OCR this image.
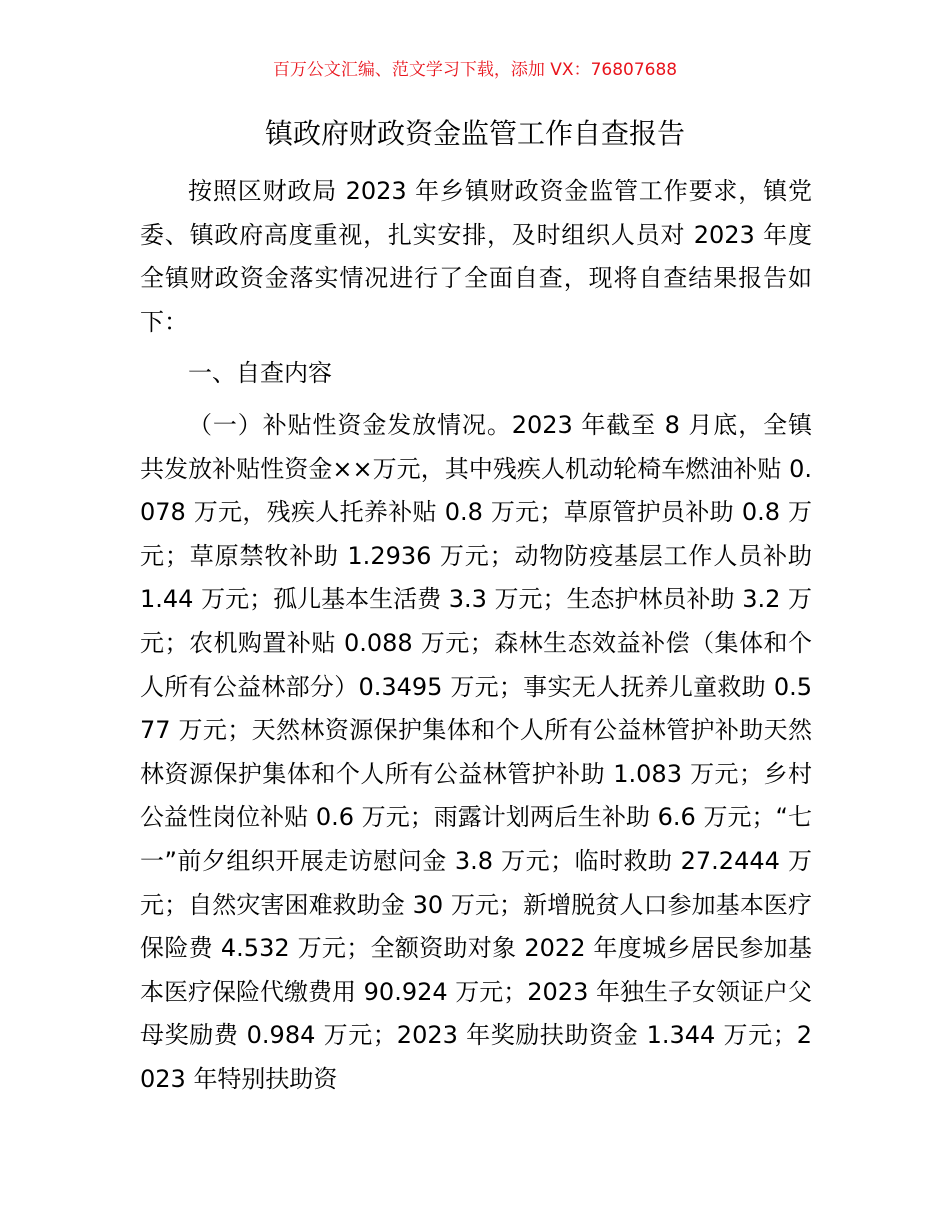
百万公文汇编、范文学习下载，添加 VX：76807688
镇政府财政资金监管工作自查报告

按照区财政局 2023 年乡镇财政资金监管工作要求，镇党委、镇政府高度重视，扎实安排，及时组织人员对 2023 年度全镇财政资金落实情况进行了全面自查，现将自查结果报告如下：

一、自查内容

（一）补贴性资金发放情况。2023 年截至 8 月底，全镇共发放补贴性资金××万元，其中残疾人机动轮椅车燃油补贴 0.078 万元，残疾人托养补贴 0.8 万元；草原管护员补助 0.8 万元；草原禁牧补助 1.2936 万元；动物防疫基层工作人员补助 1.44 万元；孤儿基本生活费 3.3 万元；生态护林员补助 3.2 万元；农机购置补贴 0.088 万元；森林生态效益补偿（集体和个人所有公益林部分）0.3495 万元；事实无人抚养儿童救助 0.577 万元；天然林资源保护集体和个人所有公益林管护补助天然林资源保护集体和个人所有公益林管护补助 1.083 万元；乡村公益性岗位补贴 0.6 万元；雨露计划两后生补助 6.6 万元；“七一”前夕组织开展走访慰问金 3.8 万元；临时救助 27.2444 万元；自然灾害困难救助金 30 万元；新增脱贫人口参加基本医疗保险费 4.532 万元；全额资助对象 2022 年度城乡居民参加基本医疗保险代缴费用 90.924 万元；2023 年独生子女领证户父母奖励费 0.984 万元；2023 年奖励扶助资金 1.344 万元；2023 年特别扶助资
